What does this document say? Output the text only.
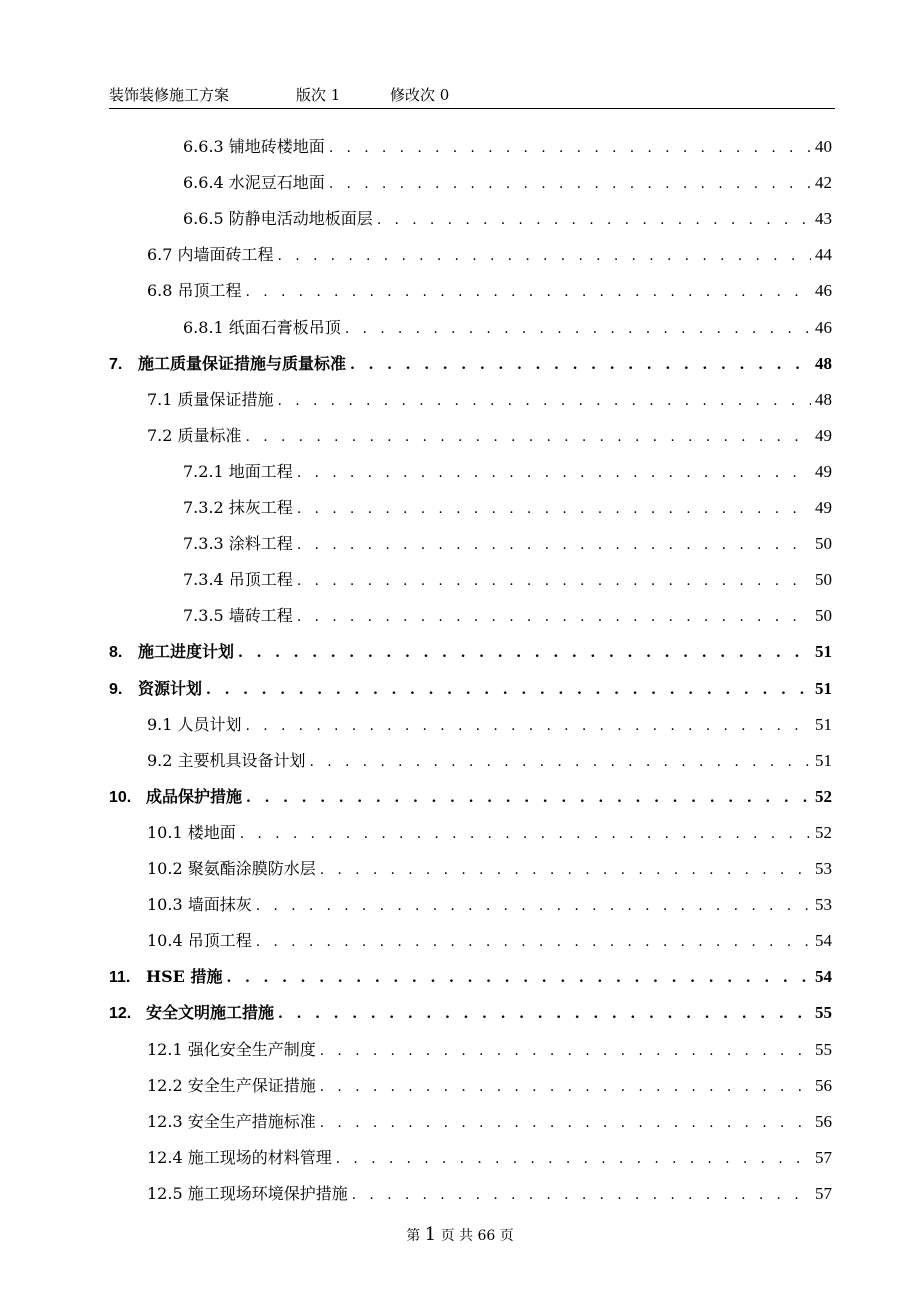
装饰装修施工方案	版次 1	修改次 0
6.6.3 铺地砖楼地面 . . .	40
6.6.4 水泥豆石地面 . . .	42
6.6.5 防静电活动地板面层 . . .	43
6.7 内墙面砖工程 . . .	44
6.8 吊顶工程 . . .	46
6.8.1 纸面石膏板吊顶 . . .	46
7. 施工质量保证措施与质量标准 . . .	48
7.1 质量保证措施 . . .	48
7.2 质量标准 . . .	49
7.2.1 地面工程 . . .	49
7.3.2 抹灰工程 . . .	49
7.3.3 涂料工程 . . .	50
7.3.4 吊顶工程 . . .	50
7.3.5 墙砖工程 . . .	50
8. 施工进度计划 . . .	51
9. 资源计划 . . .	51
9.1 人员计划 . . .	51
9.2 主要机具设备计划 . . .	51
10. 成品保护措施 . . .	52
10.1 楼地面 . . .	52
10.2 聚氨酯涂膜防水层 . . .	53
10.3 墙面抹灰 . . .	53
10.4 吊顶工程 . . .	54
11. HSE 措施 . . .	54
12. 安全文明施工措施 . . .	55
12.1 强化安全生产制度 . . .	55
12.2 安全生产保证措施 . . .	56
12.3 安全生产措施标准 . . .	56
12.4 施工现场的材料管理 . . .	57
12.5 施工现场环境保护措施 . . .	57
第 1 页 共 66 页
